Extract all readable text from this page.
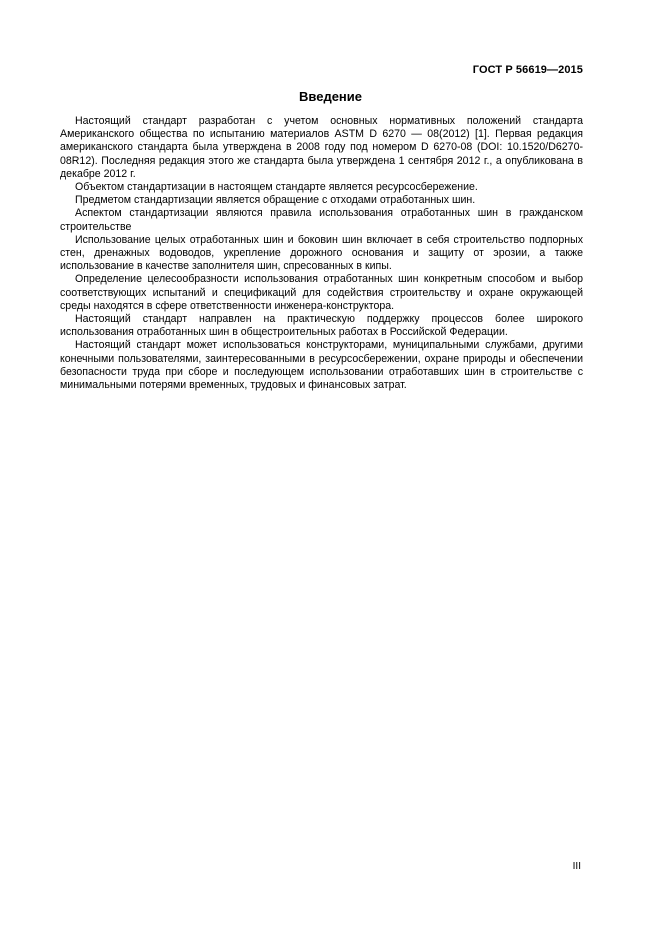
ГОСТ Р 56619—2015
Введение

Настоящий стандарт разработан с учетом основных нормативных положений стандарта Американского общества по испытанию материалов ASTM D 6270 — 08(2012) [1]. Первая редакция американского стандарта была утверждена в 2008 году под номером D 6270-08 (DOI: 10.1520/D6270-08R12). Последняя редакция этого же стандарта была утверждена 1 сентября 2012 г., а опубликована в декабре 2012 г.

Объектом стандартизации в настоящем стандарте является ресурсосбережение.

Предметом стандартизации является обращение с отходами отработанных шин.

Аспектом стандартизации являются правила использования отработанных шин в гражданском строительстве

Использование целых отработанных шин и боковин шин включает в себя строительство подпорных стен, дренажных водоводов, укрепление дорожного основания и защиту от эрозии, а также использование в качестве заполнителя шин, спресованных в кипы.

Определение целесообразности использования отработанных шин конкретным способом и выбор соответствующих испытаний и спецификаций для содействия строительству и охране окружающей среды находятся в сфере ответственности инженера-конструктора.

Настоящий стандарт направлен на практическую поддержку процессов более широкого использования отработанных шин в общестроительных работах в Российской Федерации.

Настоящий стандарт может использоваться конструкторами, муниципальными службами, другими конечными пользователями, заинтересованными в ресурсосбережении, охране природы и обеспечении безопасности труда при сборе и последующем использовании отработавших шин в строительстве с минимальными потерями временных, трудовых и финансовых затрат.

III
